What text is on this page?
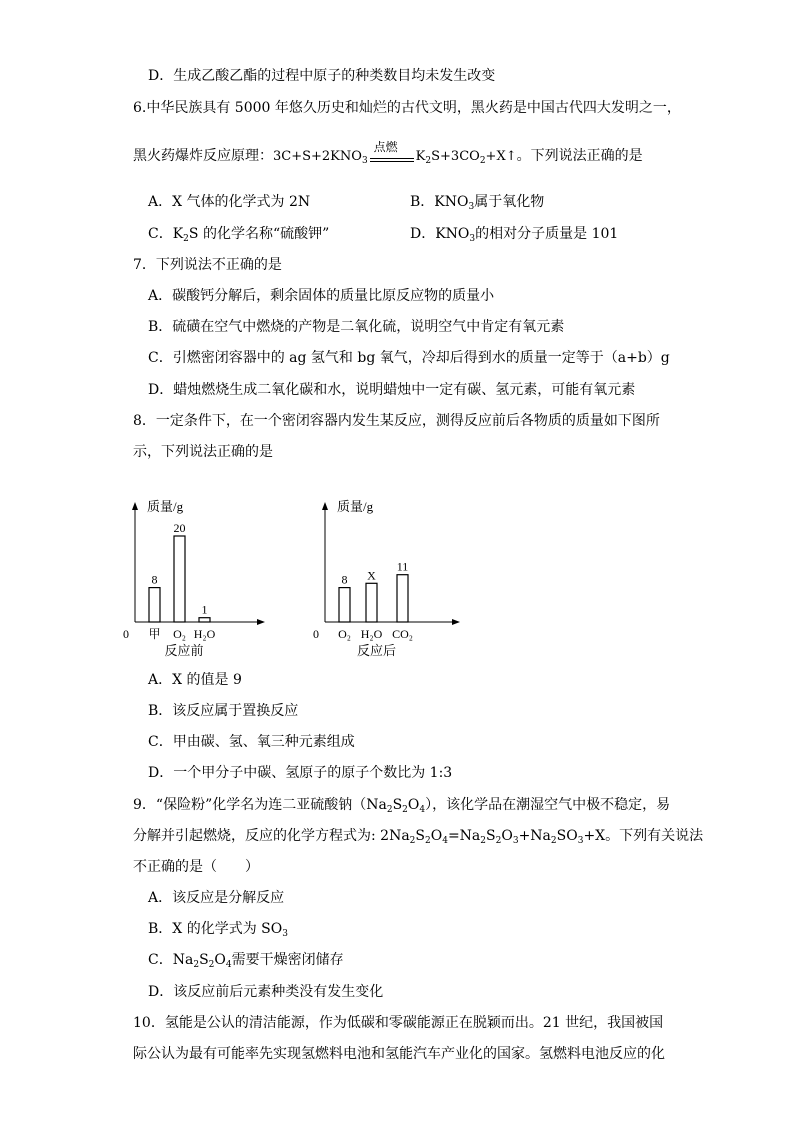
D．生成乙酸乙酯的过程中原子的种类数目均未发生改变
6.中华民族具有 5000 年悠久历史和灿烂的古代文明，黑火药是中国古代四大发明之一，
黑火药爆炸反应原理：$3C+S+2KNO_3$
点燃
$K_2S+3CO_2+X↑$。下列说法正确的是
A．X 气体的化学式为 2N	B．$KNO_3$属于氧化物
C．$K_2S$ 的化学名称“硫酸钾”	D．$KNO_3$的相对分子质量是 101
7．下列说法不正确的是
A．碳酸钙分解后，剩余固体的质量比原反应物的质量小
B．硫磺在空气中燃烧的产物是二氧化硫，说明空气中肯定有氧元素
C．引燃密闭容器中的 ag 氢气和 bg 氧气，冷却后得到水的质量一定等于（a+b）g
D．蜡烛燃烧生成二氧化碳和水，说明蜡烛中一定有碳、氢元素，可能有氧元素
8．一定条件下，在一个密闭容器内发生某反应，测得反应前后各物质的质量如下图所
示，下列说法正确的是
质量/g
0
8
甲
20
O₂
1
H₂O
反应前
质量/g
0
8
O₂
X
H₂O
11
CO₂
反应后
A．X 的值是 9
B．该反应属于置换反应
C．甲由碳、氢、氧三种元素组成
D．一个甲分子中碳、氢原子的原子个数比为 1:3
9．“保险粉”化学名为连二亚硫酸钠$(Na_2S_2O_4)$，该化学品在潮湿空气中极不稳定，易
分解并引起燃烧，反应的化学方程式为: $2Na_2S_2O_4=Na_2S_2O_3+Na_2SO_3+X$。下列有关说法
不正确的是（　　）
A．该反应是分解反应
B．X 的化学式为 $SO_3$
C．$Na_2S_2O_4$需要干燥密闭储存
D．该反应前后元素种类没有发生变化
10．氢能是公认的清洁能源，作为低碳和零碳能源正在脱颖而出。21 世纪，我国被国
际公认为最有可能率先实现氢燃料电池和氢能汽车产业化的国家。氢燃料电池反应的化
